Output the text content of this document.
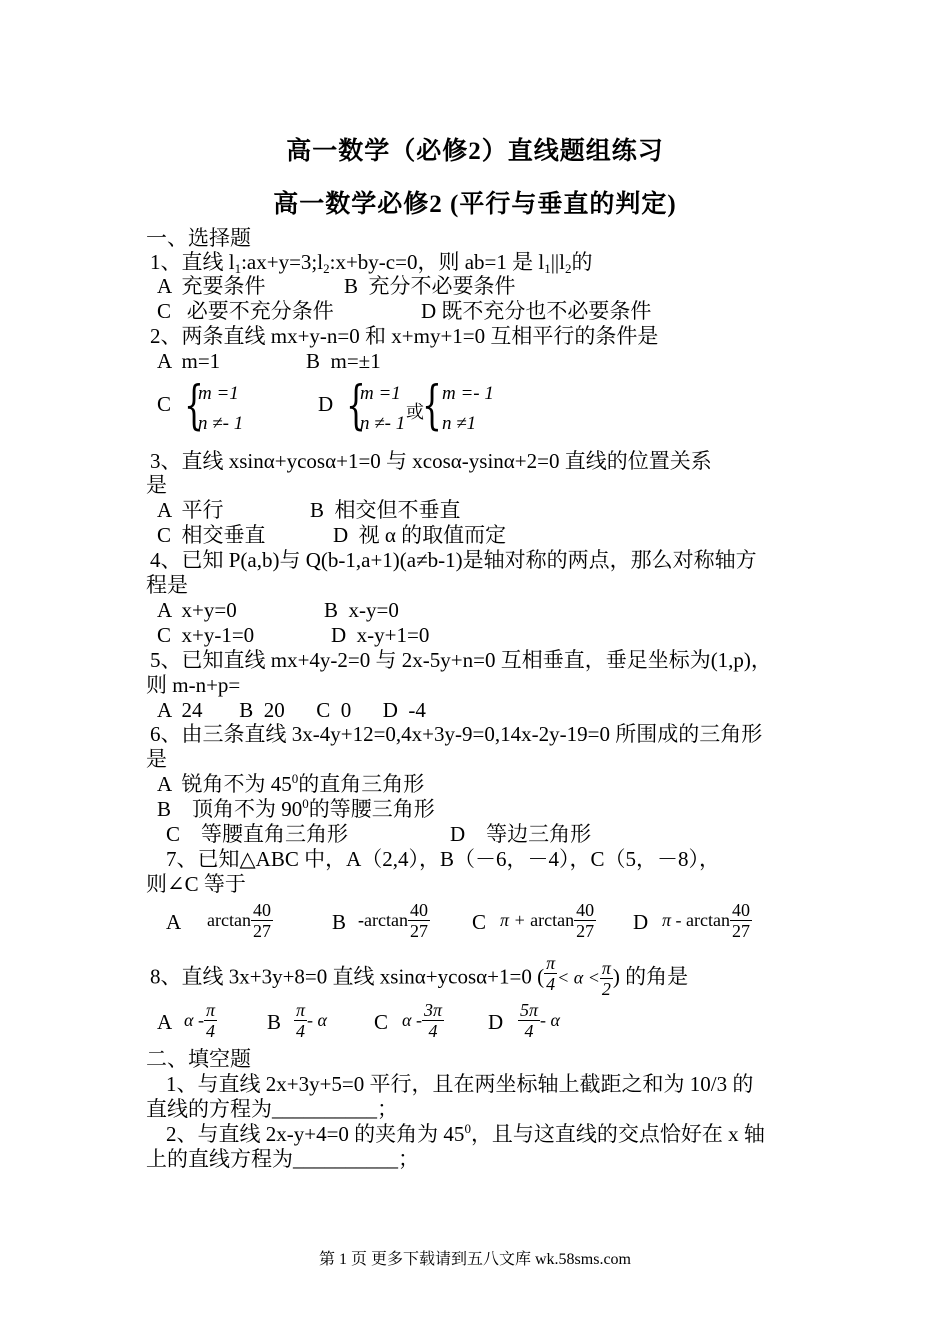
高一数学（必修2）直线题组练习
高一数学必修2 (平行与垂直的判定)
一、选择题
1、直线 $l_1:ax+y=3;l_2:x+by-c=0$，则 ab=1 是 $l_1||l_2$的
A  充要条件	B  充分不必要条件
C   必要不充分条件	D 既不充分也不必要条件
2、两条直线 mx+y-n=0 和 x+my+1=0 互相平行的条件是
A  m=1	B  m=±1
C {
m =1
n ≠- 1
D {
m =1
n ≠- 1
或
{ m =- 1
n ≠1
3、直线 xsinα+ycosα+1=0 与 xcosα-ysinα+2=0 直线的位置关系
是
A  平行	B  相交但不垂直
C  相交垂直	D  视 α 的取值而定
4、已知 P(a,b)与 Q(b-1,a+1)(a≠b-1)是轴对称的两点，那么对称轴方
程是
A  x+y=0	B  x-y=0
C  x+y-1=0	D  x-y+1=0
5、已知直线 mx+4y-2=0 与 2x-5y+n=0 互相垂直，垂足坐标为(1,p)，
则 m-n+p=
A  24       B  20      C  0      D  -4
6、由三条直线 3x-4y+12=0,4x+3y-9=0,14x-2y-19=0 所围成的三角形
是
A  锐角不为 $45^0$的直角三角形
B    顶角不为 $90^0$的等腰三角形
C    等腰直角三角形	D    等边三角形
7、已知△ABC 中，A（2,4），B（－6，－4），C（5，－8），
则∠C 等于
A $\arctan \frac{40}{27}$	B $-\arctan \frac{40}{27}$ C $\pi + \arctan \frac{40}{27}$ D π - $\arctan \frac{40}{27}$
8、直线 3x+3y+8=0 直线 xsinα+ycosα+1=0 ( $\frac{\pi}{4} < \alpha < \frac{\pi}{2}$ ) 的角是
A α - $\frac{\pi}{4}$ B $\frac{\pi}{4}$ - α C α - $\frac{3\pi}{4}$ D $\frac{5\pi}{4}$ - α
二、填空题
1、与直线 2x+3y+5=0 平行，且在两坐标轴上截距之和为 10/3 的
直线的方程为__________；
2、与直线 2x-y+4=0 的夹角为 $45^0$，且与这直线的交点恰好在 x 轴
上的直线方程为__________；
第 1 页 更多下载请到五八文库 wk.58sms.com
